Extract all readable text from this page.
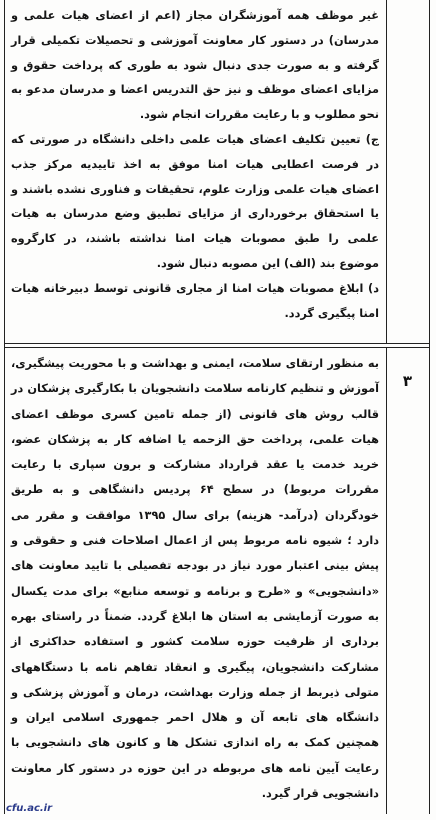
غیر موظف همه آموزشگران مجاز (اعم از اعضای هیات علمی و مدرسان) در دستور کار معاونت آموزشی و تحصیلات تکمیلی قرار گرفته و به صورت جدی دنبال شود به طوری که پرداخت حقوق و مزایای اعضای موظف و نیز حق التدریس اعضا و مدرسان مدعو به نحو مطلوب و با رعایت مقررات انجام شود.

ج) تعیین تکلیف اعضای هیات علمی داخلی دانشگاه در صورتی که در فرصت اعطایی هیات امنا موفق به اخذ تاییدیه مرکز جذب اعضای هیات علمی وزارت علوم، تحقیقات و فناوری نشده باشند و یا استحقاق برخورداری از مزایای تطبیق وضع مدرسان به هیات علمی را طبق مصوبات هیات امنا نداشته باشند، در کارگروه موضوع بند (الف) این مصوبه دنبال شود.

د) ابلاغ مصوبات هیات امنا از مجاری قانونی توسط دبیرخانه هیات امنا پیگیری گردد.

۳

به منظور ارتقای سلامت، ایمنی و بهداشت و با محوریت پیشگیری، آموزش و تنظیم کارنامه سلامت دانشجویان با بکارگیری پزشکان در قالب روش های قانونی (از جمله تامین کسری موظف اعضای هیات علمی، پرداخت حق الزحمه یا اضافه کار به پزشکان عضو، خرید خدمت یا عقد قرارداد مشارکت و برون سپاری با رعایت مقررات مربوط) در سطح ۶۴ پردیس دانشگاهی و به طریق خودگردان (درآمد- هزینه) برای سال ۱۳۹۵ موافقت و مقرر می دارد ؛ شیوه نامه مربوط پس از اعمال اصلاحات فنی و حقوقی و پیش بینی اعتبار مورد نیاز در بودجه تفصیلی با تایید معاونت های «دانشجویی» و «طرح و برنامه و توسعه منابع» برای مدت یکسال به صورت آزمایشی به استان ها ابلاغ گردد. ضمناً در راستای بهره برداری از ظرفیت حوزه سلامت کشور و استفاده حداکثری از مشارکت دانشجویان، پیگیری و انعقاد تفاهم نامه با دستگاههای متولی ذیربط از جمله وزارت بهداشت، درمان و آموزش پزشکی و دانشگاه های تابعه آن و هلال احمر جمهوری اسلامی ایران و همچنین کمک به راه اندازی تشکل ها و کانون های دانشجویی با رعایت آیین نامه های مربوطه در این حوزه در دستور کار معاونت دانشجویی قرار گیرد.

cfu.ac.ir
